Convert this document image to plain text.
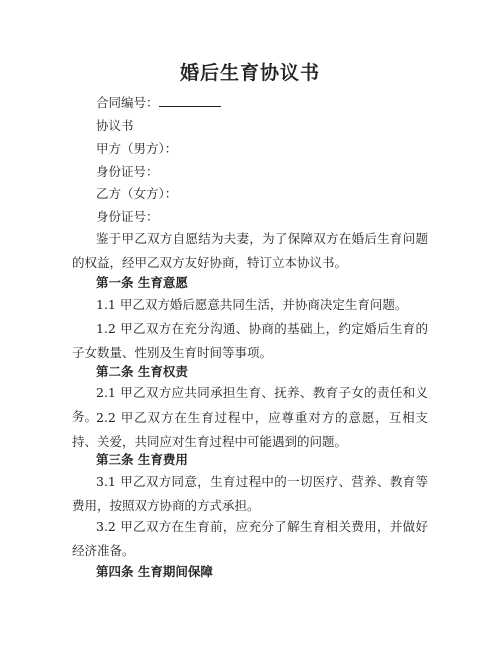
婚后生育协议书
合同编号：
协议书
甲方（男方）：
身份证号：
乙方（女方）：
身份证号：
鉴于甲乙双方自愿结为夫妻，为了保障双方在婚后生育问题的权益，经甲乙双方友好协商，特订立本协议书。
第一条 生育意愿
1.1 甲乙双方婚后愿意共同生活，并协商决定生育问题。
1.2 甲乙双方在充分沟通、协商的基础上，约定婚后生育的子女数量、性别及生育时间等事项。
第二条 生育权责
2.1 甲乙双方应共同承担生育、抚养、教育子女的责任和义务。
2.2 甲乙双方在生育过程中，应尊重对方的意愿，互相支持、关爱，共同应对生育过程中可能遇到的问题。
第三条 生育费用
3.1 甲乙双方同意，生育过程中的一切医疗、营养、教育等费用，按照双方协商的方式承担。
3.2 甲乙双方在生育前，应充分了解生育相关费用，并做好经济准备。
第四条 生育期间保障
